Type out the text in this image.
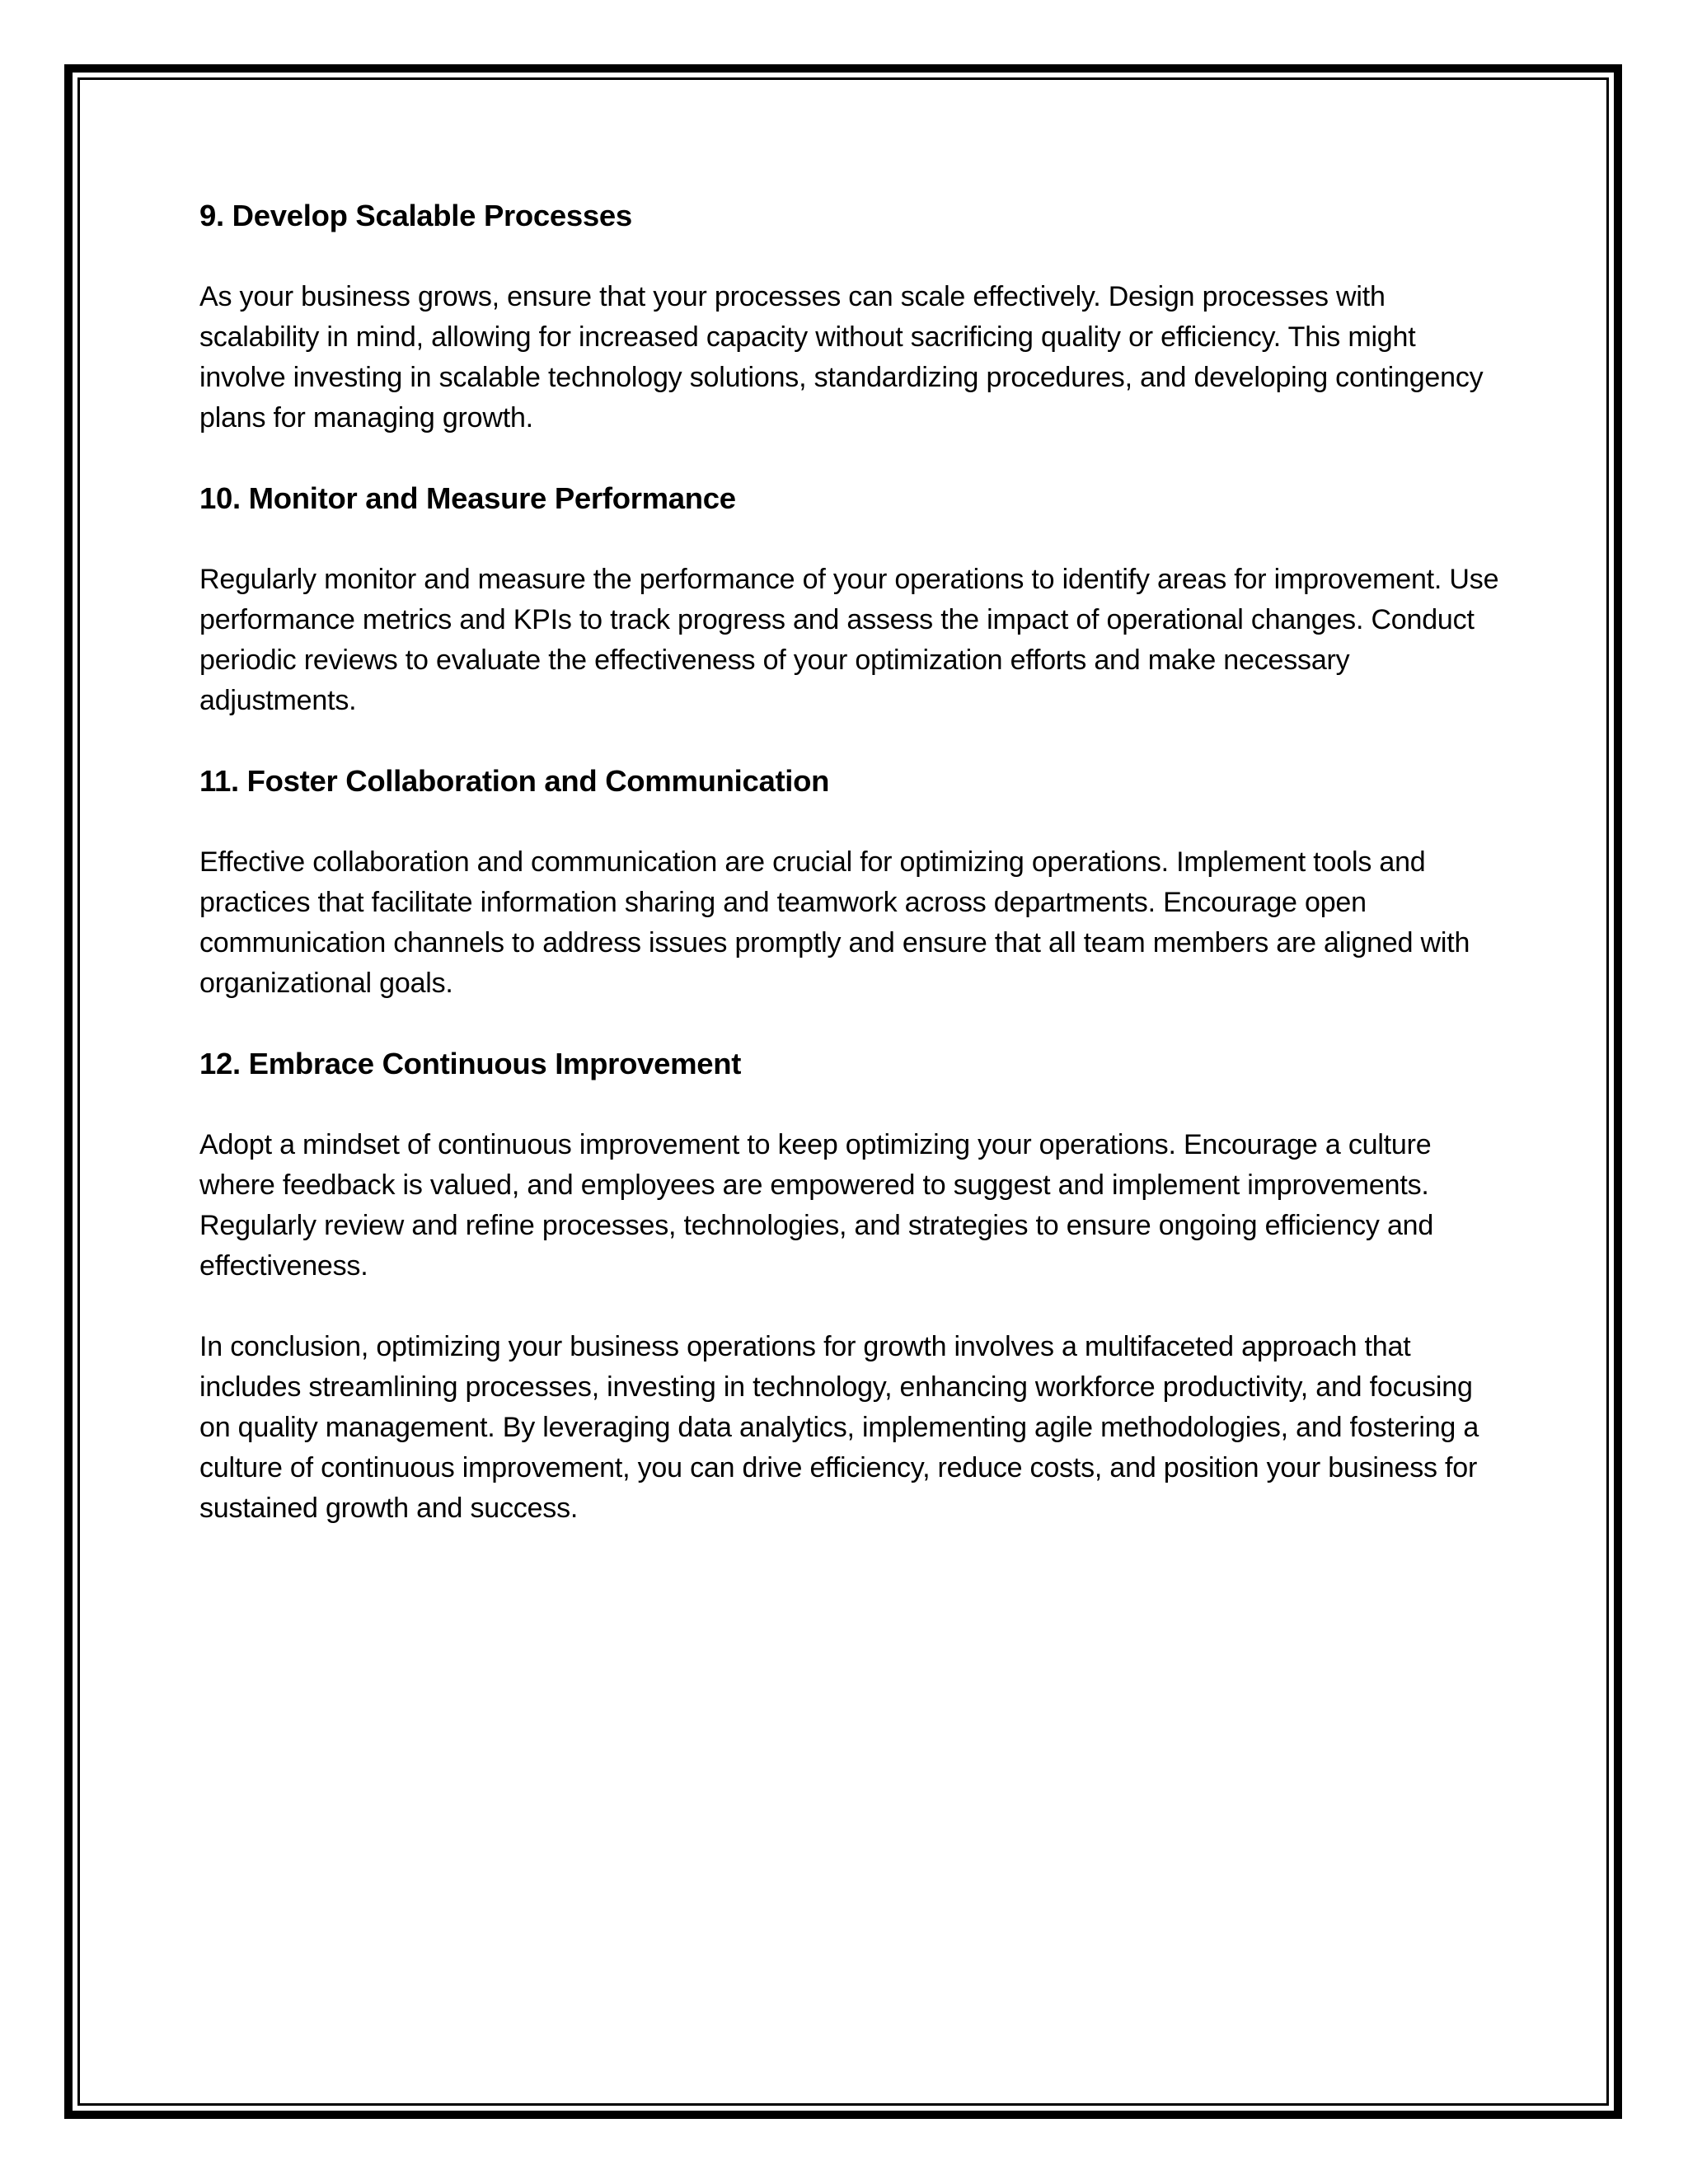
9. Develop Scalable Processes

As your business grows, ensure that your processes can scale effectively. Design processes with scalability in mind, allowing for increased capacity without sacrificing quality or efficiency. This might involve investing in scalable technology solutions, standardizing procedures, and developing contingency plans for managing growth.

10. Monitor and Measure Performance

Regularly monitor and measure the performance of your operations to identify areas for improvement. Use performance metrics and KPIs to track progress and assess the impact of operational changes. Conduct periodic reviews to evaluate the effectiveness of your optimization efforts and make necessary adjustments.

11. Foster Collaboration and Communication

Effective collaboration and communication are crucial for optimizing operations. Implement tools and practices that facilitate information sharing and teamwork across departments. Encourage open communication channels to address issues promptly and ensure that all team members are aligned with organizational goals.

12. Embrace Continuous Improvement

Adopt a mindset of continuous improvement to keep optimizing your operations. Encourage a culture where feedback is valued, and employees are empowered to suggest and implement improvements. Regularly review and refine processes, technologies, and strategies to ensure ongoing efficiency and effectiveness.

In conclusion, optimizing your business operations for growth involves a multifaceted approach that includes streamlining processes, investing in technology, enhancing workforce productivity, and focusing on quality management. By leveraging data analytics, implementing agile methodologies, and fostering a culture of continuous improvement, you can drive efficiency, reduce costs, and position your business for sustained growth and success.
